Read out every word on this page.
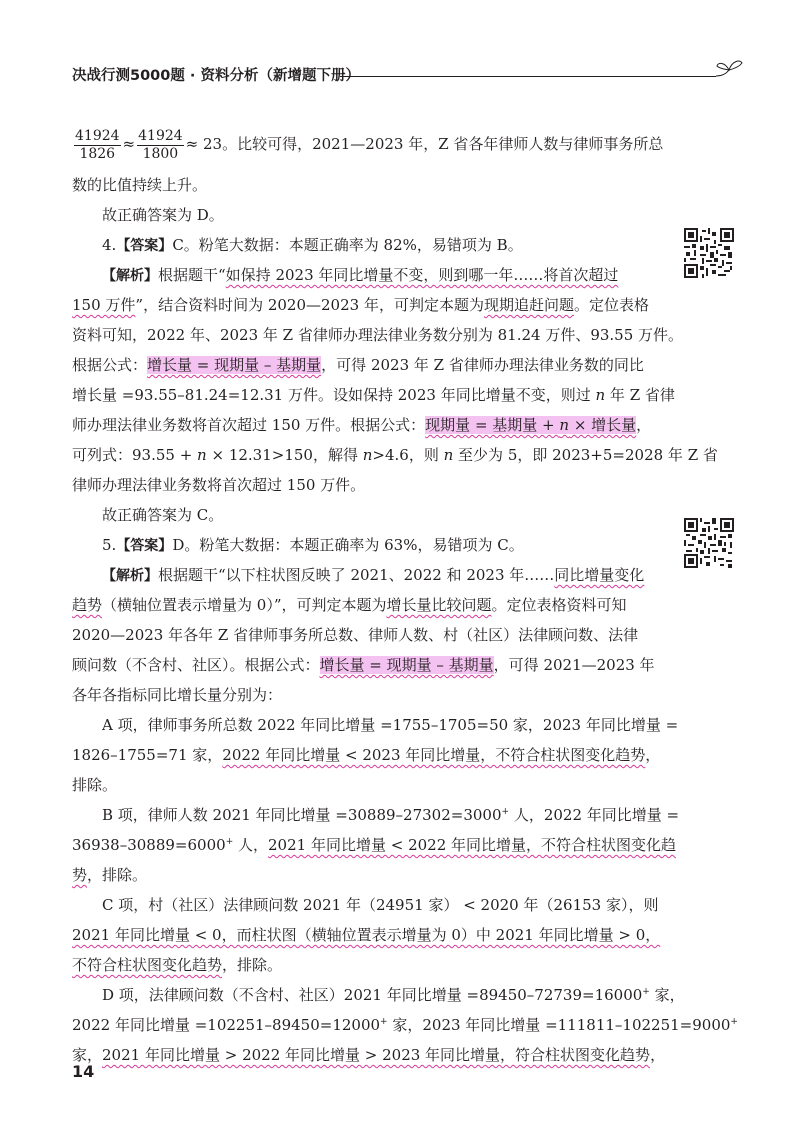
决战行测5000题 · 资料分析（新增题下册）
$\frac{41924}{1826} \approx \frac{41924}{1800} \approx 23$。比较可得，2021—2023 年，Z 省各年律师人数与律师事务所总
数的比值持续上升。
故正确答案为 D。
4.【答案】C。粉笔大数据：本题正确率为 82%，易错项为 B。
【解析】根据题干“如保持 2023 年同比增量不变，则到哪一年……将首次超过
150 万件”，结合资料时间为 2020—2023 年，可判定本题为现期追赶问题。定位表格
资料可知，2022 年、2023 年 Z 省律师办理法律业务数分别为 81.24 万件、93.55 万件。
根据公式：增长量 = 现期量 – 基期量，可得 2023 年 Z 省律师办理法律业务数的同比
增长量 =93.55–81.24=12.31 万件。设如保持 2023 年同比增量不变，则过 n 年 Z 省律
师办理法律业务数将首次超过 150 万件。根据公式：现期量 = 基期量 + n × 增长量，
可列式：93.55 + n × 12.31>150，解得 n>4.6，则 n 至少为 5，即 2023+5=2028 年 Z 省
律师办理法律业务数将首次超过 150 万件。
故正确答案为 C。
5.【答案】D。粉笔大数据：本题正确率为 63%，易错项为 C。
【解析】根据题干“以下柱状图反映了 2021、2022 和 2023 年……同比增量变化
趋势（横轴位置表示增量为 0）”，可判定本题为增长量比较问题。定位表格资料可知
2020—2023 年各年 Z 省律师事务所总数、律师人数、村（社区）法律顾问数、法律
顾问数（不含村、社区）。根据公式：增长量 = 现期量 – 基期量，可得 2021—2023 年
各年各指标同比增长量分别为：
A 项，律师事务所总数 2022 年同比增量 =1755–1705=50 家，2023 年同比增量 =
1826–1755=71 家，2022 年同比增量 < 2023 年同比增量，不符合柱状图变化趋势，
排除。
B 项，律师人数 2021 年同比增量 =30889–27302=3000+ 人，2022 年同比增量 =
36938–30889=6000+ 人，2021 年同比增量 < 2022 年同比增量，不符合柱状图变化趋
势，排除。
C 项，村（社区）法律顾问数 2021 年（24951 家） < 2020 年（26153 家），则
2021 年同比增量 < 0，而柱状图（横轴位置表示增量为 0）中 2021 年同比增量 > 0，
不符合柱状图变化趋势，排除。
D 项，法律顾问数（不含村、社区）2021 年同比增量 =89450–72739=16000+ 家，
2022 年同比增量 =102251–89450=12000+ 家，2023 年同比增量 =111811–102251=9000+
家，2021 年同比增量 > 2022 年同比增量 > 2023 年同比增量，符合柱状图变化趋势，
14
